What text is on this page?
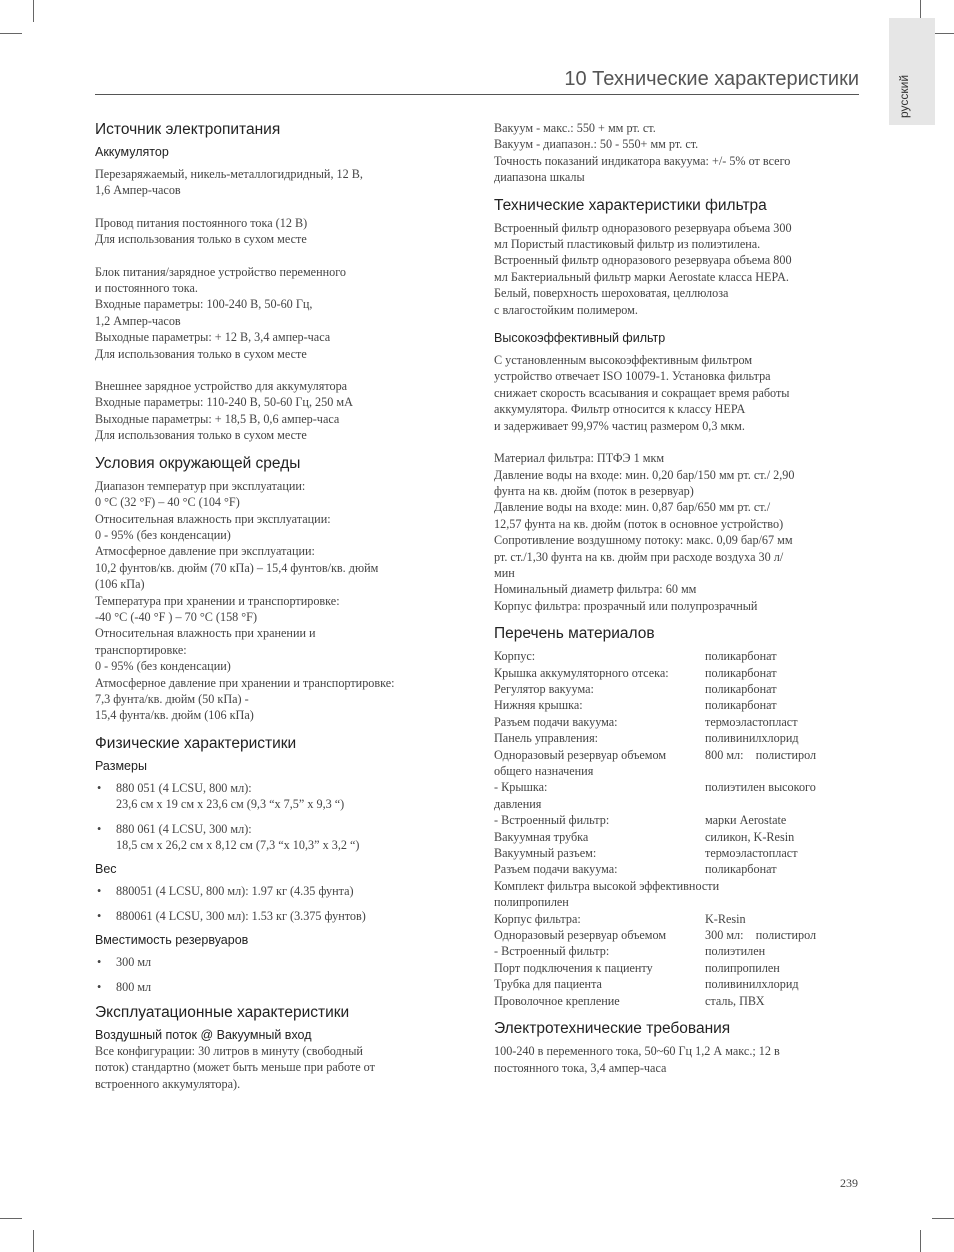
русский
10 Технические характеристики
Источник электропитания
Аккумулятор

Перезаряжаемый, никель-металлогидридный, 12 В,
1,6 Ампер-часов

Провод питания постоянного тока (12 В)
Для использования только в сухом месте

Блок питания/зарядное устройство переменного
и постоянного тока.
Входные параметры: 100-240 В, 50-60 Гц,
1,2 Ампер-часов
Выходные параметры: + 12 В, 3,4 ампер-часа
Для использования только в сухом месте

Внешнее зарядное устройство для аккумулятора
Входные параметры: 110-240 В, 50-60 Гц, 250 мА
Выходные параметры: + 18,5 В, 0,6 ампер-часа
Для использования только в сухом месте

Условия окружающей среды

Диапазон температур при эксплуатации:
0 °C (32 °F) – 40 °C (104 °F)
Относительная влажность при эксплуатации:
0 - 95% (без конденсации)
Атмосферное давление при эксплуатации:
10,2 фунтов/кв. дюйм (70 кПа) – 15,4 фунтов/кв. дюйм
(106 кПа)
Температура при хранении и транспортировке:
-40 °C (-40 °F ) – 70 °C (158 °F)
Относительная влажность при хранении и
транспортировке:
0 - 95% (без конденсации)
Атмосферное давление при хранении и транспортировке:
7,3 фунта/кв. дюйм (50 кПа) -
15,4 фунта/кв. дюйм (106 кПа)

Физические характеристики
Размеры
• 880 051 (4 LCSU, 800 мл):
23,6 см x 19 см x 23,6 см (9,3 “x 7,5” x 9,3 “)
• 880 061 (4 LCSU, 300 мл):
18,5 см x 26,2 см x 8,12 см (7,3 “x 10,3” x 3,2 “)
Вес
• 880051 (4 LCSU, 800 мл): 1.97 кг (4.35 фунта)
• 880061 (4 LCSU, 300 мл): 1.53 кг (3.375 фунтов)
Вместимость резервуаров
• 300 мл
• 800 мл
Эксплуатационные характеристики
Воздушный поток @ Вакуумный вход

Все конфигурации: 30 литров в минуту (свободный
поток) стандартно (может быть меньше при работе от
встроенного аккумулятора).

Вакуум - макс.: 550 + мм рт. ст.
Вакуум - диапазон.: 50 - 550+ мм рт. ст.
Точность показаний индикатора вакуума: +/- 5% от всего
диапазона шкалы

Технические характеристики фильтра

Встроенный фильтр одноразового резервуара объема 300
мл Пористый пластиковый фильтр из полиэтилена.
Встроенный фильтр одноразового резервуара объема 800
мл Бактериальный фильтр марки Aerostate класса HEPA.
Белый, поверхность шероховатая, целлюлоза
с влагостойким полимером.

Высокоэффективный фильтр

С установленным высокоэффективным фильтром
устройство отвечает ISO 10079-1. Установка фильтра
снижает скорость всасывания и сокращает время работы
аккумулятора. Фильтр относится к классу HEPA
и задерживает 99,97% частиц размером 0,3 мкм.

Материал фильтра: ПТФЭ 1 мкм
Давление воды на входе: мин. 0,20 бар/150 мм рт. ст./ 2,90
фунта на кв. дюйм (поток в резервуар)
Давление воды на входе: мин. 0,87 бар/650 мм рт. ст./
12,57 фунта на кв. дюйм (поток в основное устройство)
Сопротивление воздушному потоку: макс. 0,09 бар/67 мм
рт. ст./1,30 фунта на кв. дюйм при расходе воздуха 30 л/
мин
Номинальный диаметр фильтра: 60 мм
Корпус фильтра: прозрачный или полупрозрачный

Перечень материалов
Корпус:	поликарбонат
Крышка аккумуляторного отсека:	поликарбонат
Регулятор вакуума:	поликарбонат
Нижняя крышка:	поликарбонат
Разъем подачи вакуума:	термоэластопласт
Панель управления:	поливинилхлорид
Одноразовый резервуар объемом	800 мл:    полистирол
общего назначения
- Крышка:	полиэтилен высокого
давления
- Встроенный фильтр:	марки Aerostate
Вакуумная трубка	силикон, K-Resin
Вакуумный разъем:	термоэластопласт
Разъем подачи вакуума:	поликарбонат
Комплект фильтра высокой эффективности
полипропилен
Корпус фильтра:	K-Resin
Одноразовый резервуар объемом	300 мл:    полистирол
- Встроенный фильтр:	полиэтилен
Порт подключения к пациенту	полипропилен
Трубка для пациента	поливинилхлорид
Проволочное крепление	сталь, ПВХ
Электротехнические требования

100-240 в переменного тока, 50~60 Гц 1,2 А макс.; 12 в
постоянного тока, 3,4 ампер-часа

239
